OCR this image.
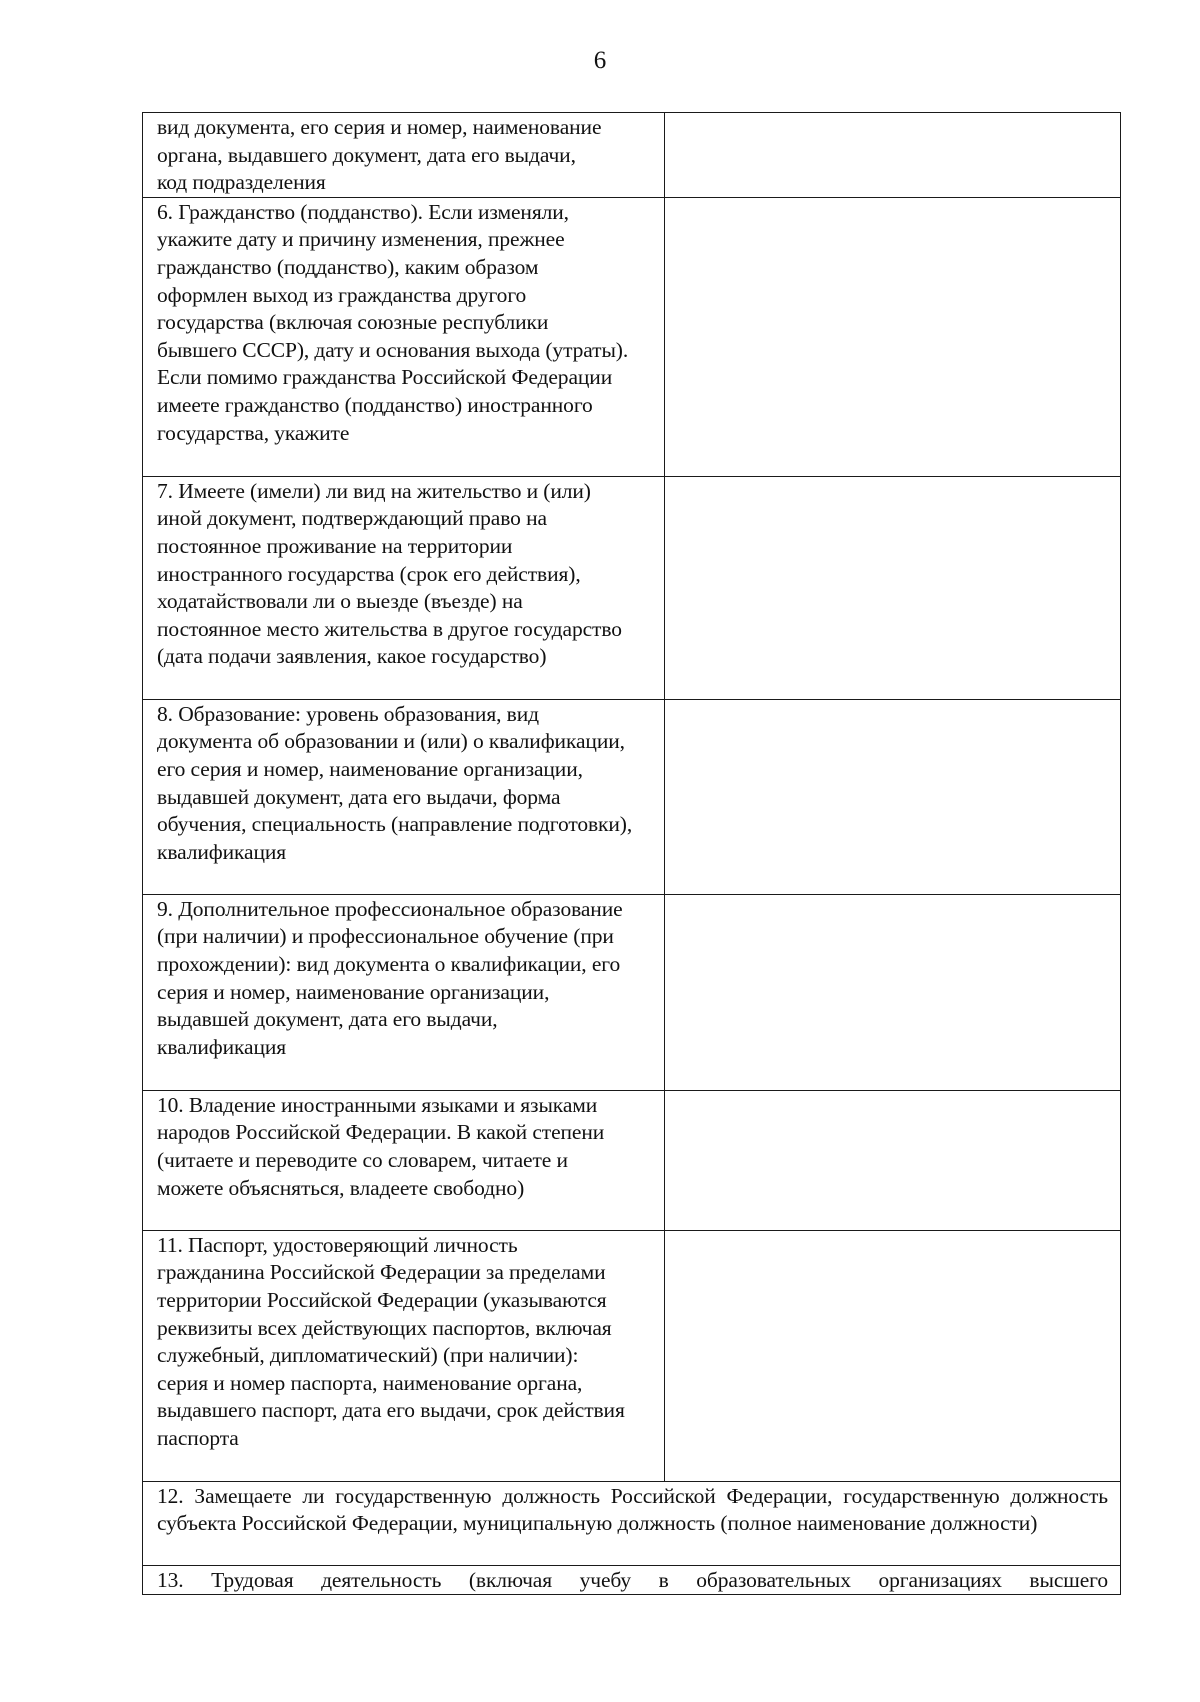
6
вид документа, его серия и номер, наименование органа, выдавшего документ, дата его выдачи, код подразделения	

6. Гражданство (подданство). Если изменяли, укажите дату и причину изменения, прежнее гражданство (подданство), каким образом оформлен выход из гражданства другого государства (включая союзные республики бывшего СССР), дату и основания выхода (утраты). Если помимо гражданства Российской Федерации имеете гражданство (подданство) иностранного государства, укажите	

7. Имеете (имели) ли вид на жительство и (или) иной документ, подтверждающий право на постоянное проживание на территории иностранного государства (срок его действия), ходатайствовали ли о выезде (въезде) на постоянное место жительства в другое государство (дата подачи заявления, какое государство)	

8. Образование: уровень образования, вид документа об образовании и (или) о квалификации, его серия и номер, наименование организации, выдавшей документ, дата его выдачи, форма обучения, специальность (направление подготовки), квалификация	

9. Дополнительное профессиональное образование (при наличии) и профессиональное обучение (при прохождении): вид документа о квалификации, его серия и номер, наименование организации, выдавшей документ, дата его выдачи, квалификация	

10. Владение иностранными языками и языками народов Российской Федерации. В какой степени (читаете и переводите со словарем, читаете и можете объясняться, владеете свободно)	

11. Паспорт, удостоверяющий личность гражданина Российской Федерации за пределами территории Российской Федерации (указываются реквизиты всех действующих паспортов, включая служебный, дипломатический) (при наличии): серия и номер паспорта, наименование органа, выдавшего паспорт, дата его выдачи, срок действия паспорта	

12. Замещаете ли государственную должность Российской Федерации, государственную должность субъекта Российской Федерации, муниципальную должность (полное наименование должности)	

13. Трудовая деятельность (включая учебу в образовательных организациях высшего	
